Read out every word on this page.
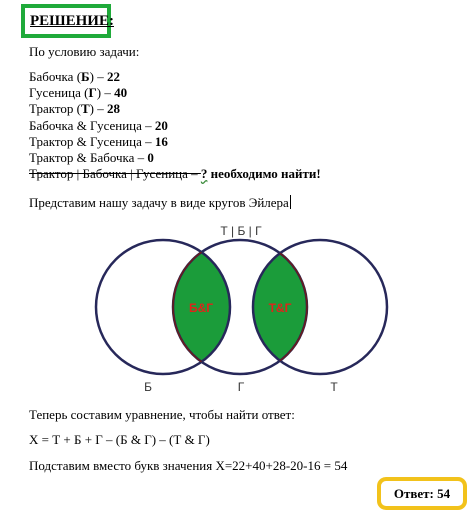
РЕШЕНИЕ:
По условию задачи:
Бабочка (Б) – 22
Гусеница (Г) – 40
Трактор (Т) – 28
Бабочка & Гусеница – 20
Трактор & Гусеница – 16
Трактор & Бабочка – 0
Трактор | Бабочка | Гусеница – ? необходимо найти!
Представим нашу задачу в виде кругов Эйлера
Т | Б | Г
Б&Г	Т&Г
Б	Г	Т
Теперь составим уравнение, чтобы найти ответ:
X = Т + Б + Г – (Б & Г) – (Т & Г)
Подставим вместо букв значения X=22+40+28-20-16 = 54
Ответ: 54
